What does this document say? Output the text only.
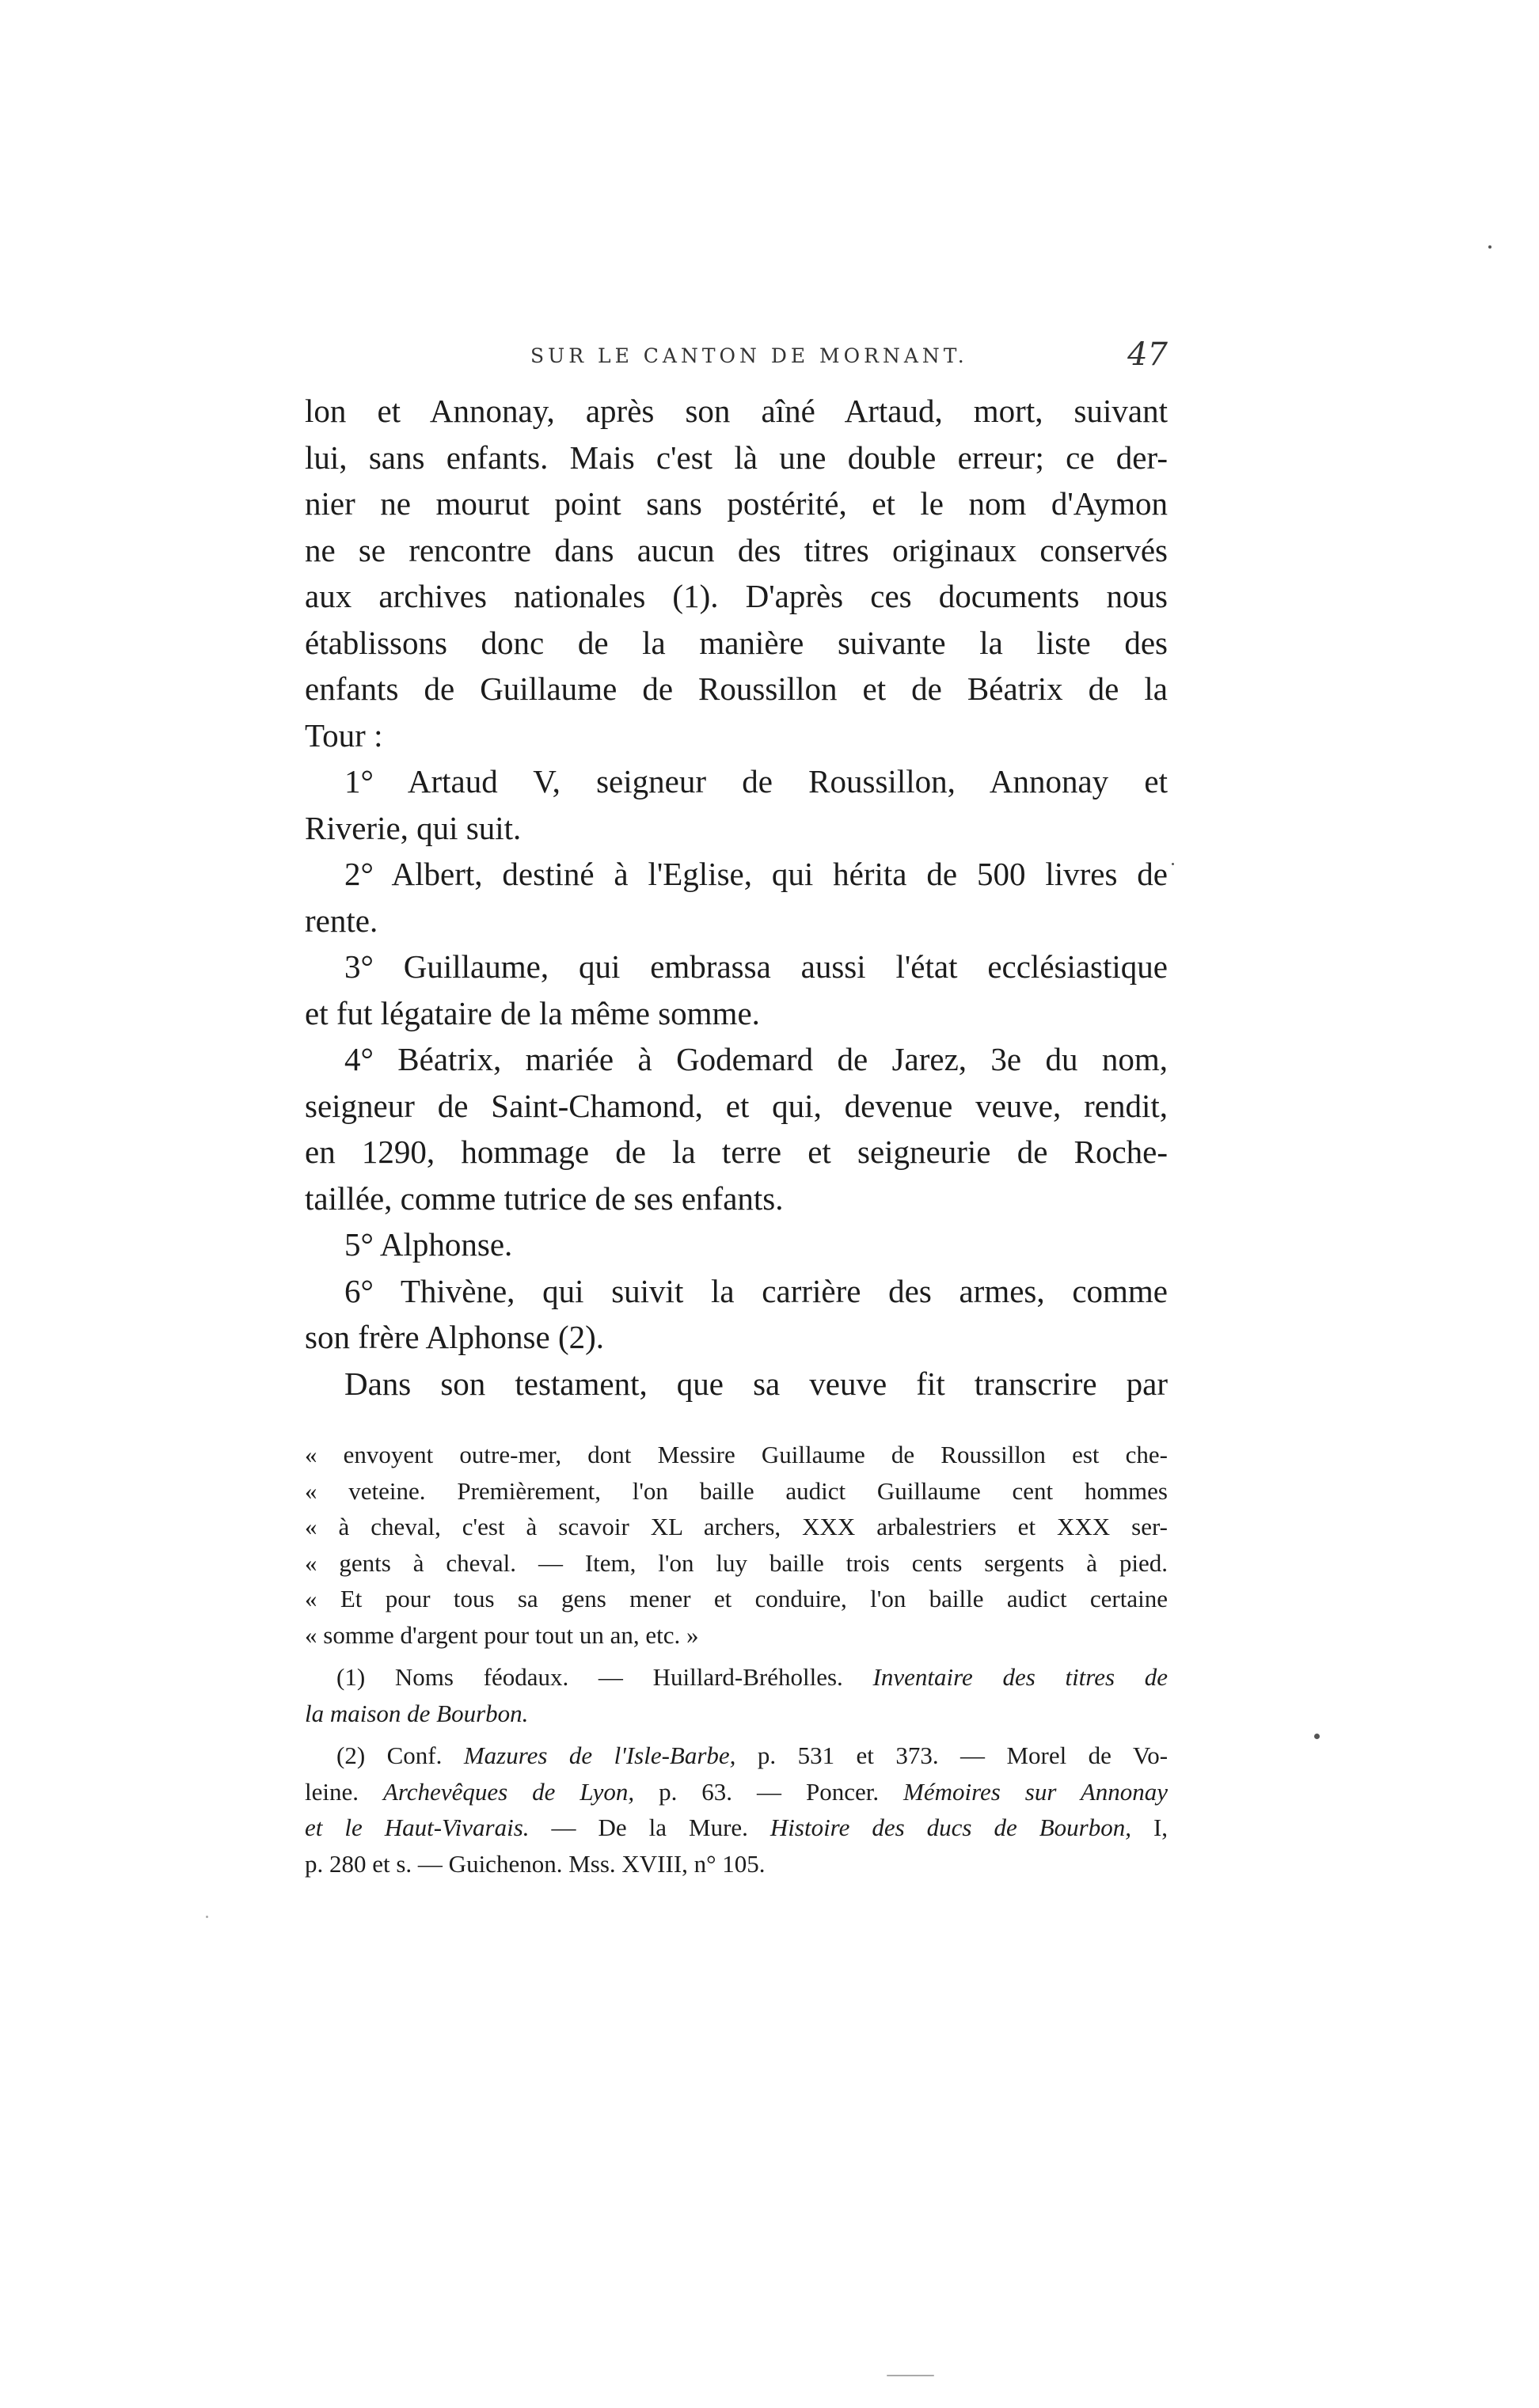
SUR LE CANTON DE MORNANT.	47
lon et Annonay, après son aîné Artaud, mort, suivant
lui, sans enfants. Mais c'est là une double erreur; ce der-
nier ne mourut point sans postérité, et le nom d'Aymon
ne se rencontre dans aucun des titres originaux conservés
aux archives nationales (1). D'après ces documents nous
établissons donc de la manière suivante la liste des
enfants de Guillaume de Roussillon et de Béatrix de la
Tour :
1° Artaud V, seigneur de Roussillon, Annonay et
Riverie, qui suit.
2° Albert, destiné à l'Eglise, qui hérita de 500 livres de
rente.
3° Guillaume, qui embrassa aussi l'état ecclésiastique
et fut légataire de la même somme.
4° Béatrix, mariée à Godemard de Jarez, 3e du nom,
seigneur de Saint-Chamond, et qui, devenue veuve, rendit,
en 1290, hommage de la terre et seigneurie de Roche-
taillée, comme tutrice de ses enfants.
5° Alphonse.
6° Thivène, qui suivit la carrière des armes, comme
son frère Alphonse (2).
Dans son testament, que sa veuve fit transcrire par
« envoyent outre-mer, dont Messire Guillaume de Roussillon est che-
« veteine. Premièrement, l'on baille audict Guillaume cent hommes
« à cheval, c'est à scavoir XL archers, XXX arbalestriers et XXX ser-
« gents à cheval. — Item, l'on luy baille trois cents sergents à pied.
« Et pour tous sa gens mener et conduire, l'on baille audict certaine
« somme d'argent pour tout un an, etc. »
(1) Noms féodaux. — Huillard-Bréholles. Inventaire des titres de
la maison de Bourbon.
(2) Conf. Mazures de l'Isle-Barbe, p. 531 et 373. — Morel de Vo-
leine. Archevêques de Lyon, p. 63. — Poncer. Mémoires sur Annonay
et le Haut-Vivarais. — De la Mure. Histoire des ducs de Bourbon, I,
p. 280 et s. — Guichenon. Mss. XVIII, n° 105.
